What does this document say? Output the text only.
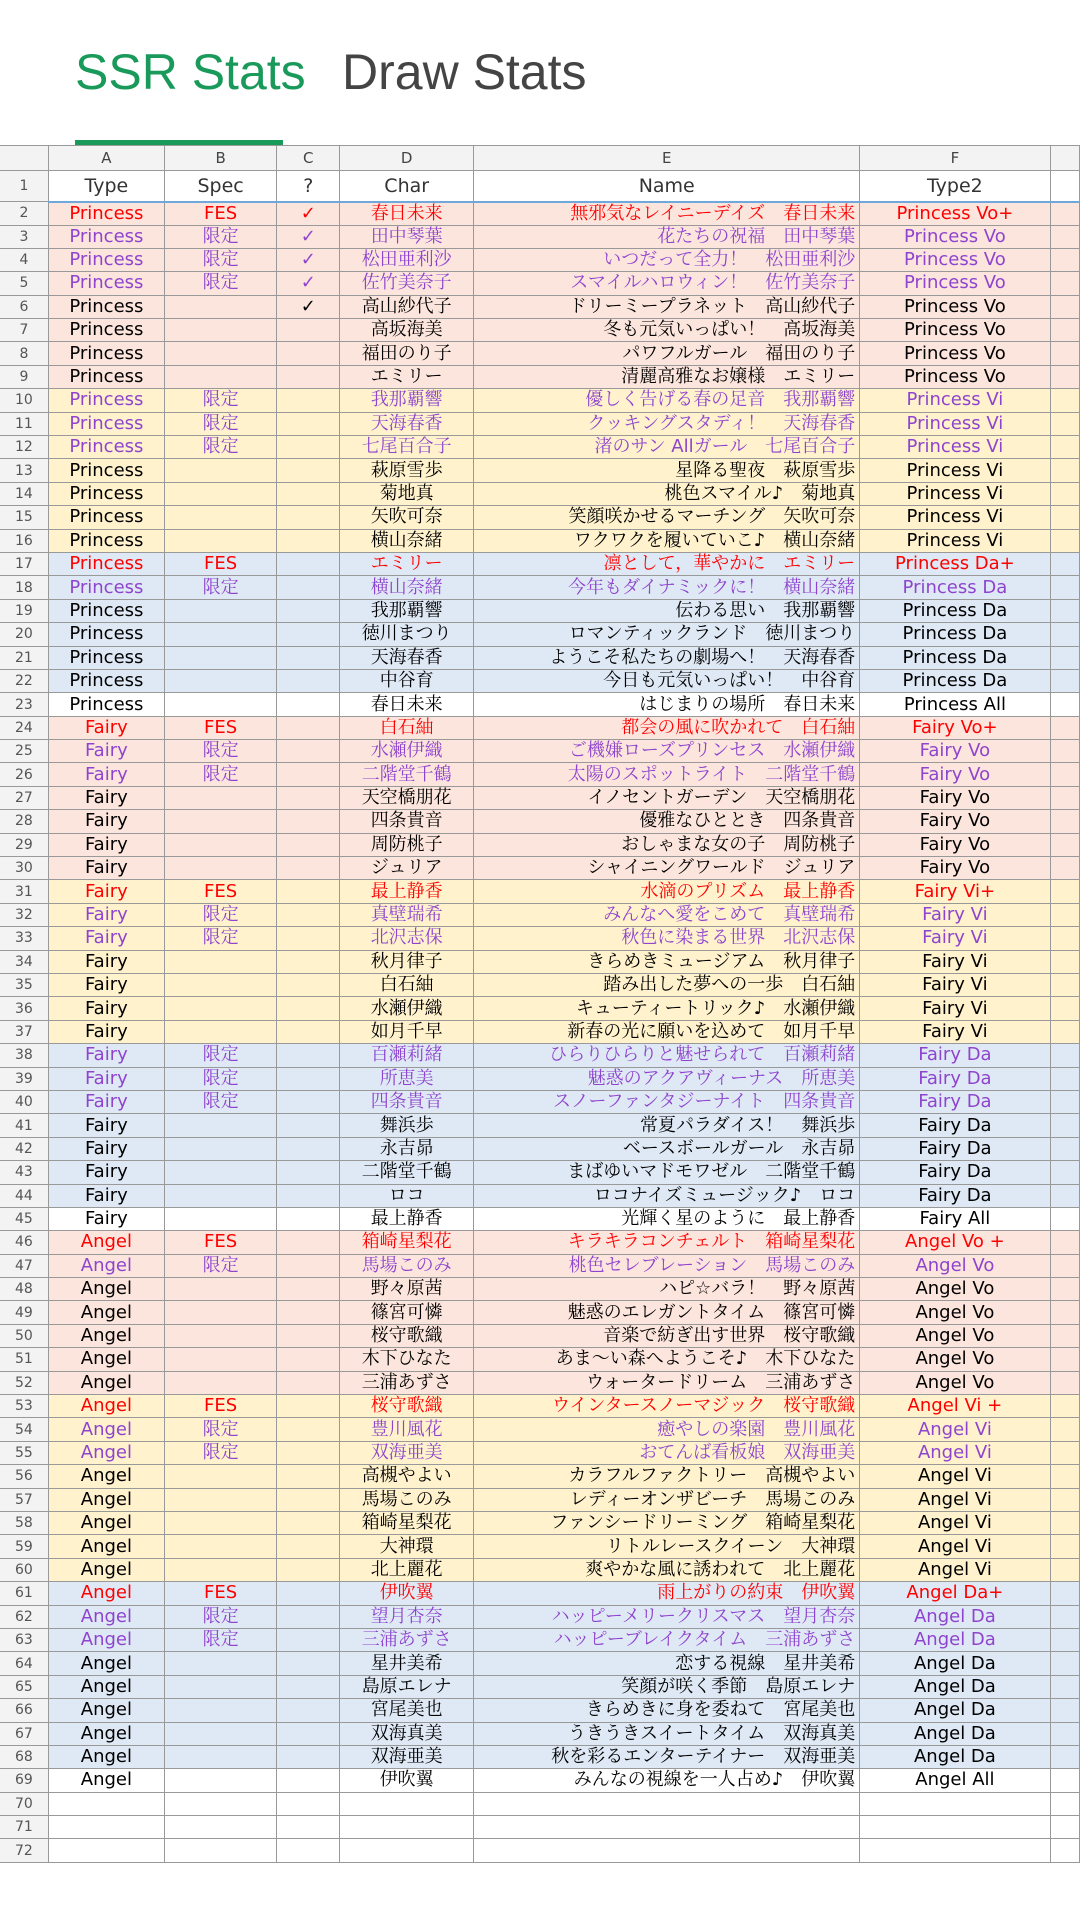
SSR Stats Draw Stats
	A	B	C	D	E	F	
1	Type	Spec	?	Char	Name	Type2	
2	Princess	FES	✓	春日未来	無邪気なレイニーデイズ　春日未来	Princess Vo+	
3	Princess	限定	✓	田中琴葉	花たちの祝福　田中琴葉	Princess Vo	
4	Princess	限定	✓	松田亜利沙	いつだって全力！　松田亜利沙	Princess Vo	
5	Princess	限定	✓	佐竹美奈子	スマイルハロウィン！　佐竹美奈子	Princess Vo	
6	Princess		✓	高山紗代子	ドリーミープラネット　高山紗代子	Princess Vo	
7	Princess			高坂海美	冬も元気いっぱい！　高坂海美	Princess Vo	
8	Princess			福田のり子	パワフルガール　福田のり子	Princess Vo	
9	Princess			エミリー	清麗高雅なお嬢様　エミリー	Princess Vo	
10	Princess	限定		我那覇響	優しく告げる春の足音　我那覇響	Princess Vi	
11	Princess	限定		天海春香	クッキングスタディ！　天海春香	Princess Vi	
12	Princess	限定		七尾百合子	渚のサン Allガール　七尾百合子	Princess Vi	
13	Princess			萩原雪歩	星降る聖夜　萩原雪歩	Princess Vi	
14	Princess			菊地真	桃色スマイル♪　菊地真	Princess Vi	
15	Princess			矢吹可奈	笑顔咲かせるマーチング　矢吹可奈	Princess Vi	
16	Princess			横山奈緒	ワクワクを履いていこ♪　横山奈緒	Princess Vi	
17	Princess	FES		エミリー	凛として，華やかに　エミリー	Princess Da+	
18	Princess	限定		横山奈緒	今年もダイナミックに！　横山奈緒	Princess Da	
19	Princess			我那覇響	伝わる思い　我那覇響	Princess Da	
20	Princess			徳川まつり	ロマンティックランド　徳川まつり	Princess Da	
21	Princess			天海春香	ようこそ私たちの劇場へ！　天海春香	Princess Da	
22	Princess			中谷育	今日も元気いっぱい！　中谷育	Princess Da	
23	Princess			春日未来	はじまりの場所　春日未来	Princess All	
24	Fairy	FES		白石紬	都会の風に吹かれて　白石紬	Fairy Vo+	
25	Fairy	限定		水瀬伊織	ご機嫌ローズプリンセス　水瀬伊織	Fairy Vo	
26	Fairy	限定		二階堂千鶴	太陽のスポットライト　二階堂千鶴	Fairy Vo	
27	Fairy			天空橋朋花	イノセントガーデン　天空橋朋花	Fairy Vo	
28	Fairy			四条貴音	優雅なひととき　四条貴音	Fairy Vo	
29	Fairy			周防桃子	おしゃまな女の子　周防桃子	Fairy Vo	
30	Fairy			ジュリア	シャイニングワールド　ジュリア	Fairy Vo	
31	Fairy	FES		最上静香	水滴のプリズム　最上静香	Fairy Vi+	
32	Fairy	限定		真壁瑞希	みんなへ愛をこめて　真壁瑞希	Fairy Vi	
33	Fairy	限定		北沢志保	秋色に染まる世界　北沢志保	Fairy Vi	
34	Fairy			秋月律子	きらめきミュージアム　秋月律子	Fairy Vi	
35	Fairy			白石紬	踏み出した夢への一歩　白石紬	Fairy Vi	
36	Fairy			水瀬伊織	キューティートリック♪　水瀬伊織	Fairy Vi	
37	Fairy			如月千早	新春の光に願いを込めて　如月千早	Fairy Vi	
38	Fairy	限定		百瀬莉緒	ひらりひらりと魅せられて　百瀬莉緒	Fairy Da	
39	Fairy	限定		所恵美	魅惑のアクアヴィーナス　所恵美	Fairy Da	
40	Fairy	限定		四条貴音	スノーファンタジーナイト　四条貴音	Fairy Da	
41	Fairy			舞浜歩	常夏パラダイス！　舞浜歩	Fairy Da	
42	Fairy			永吉昴	ベースボールガール　永吉昴	Fairy Da	
43	Fairy			二階堂千鶴	まばゆいマドモワゼル　二階堂千鶴	Fairy Da	
44	Fairy			ロコ	ロコナイズミュージック♪　ロコ	Fairy Da	
45	Fairy			最上静香	光輝く星のように　最上静香	Fairy All	
46	Angel	FES		箱崎星梨花	キラキラコンチェルト　箱崎星梨花	Angel Vo +	
47	Angel	限定		馬場このみ	桃色セレブレーション　馬場このみ	Angel Vo	
48	Angel			野々原茜	ハピ☆バラ！　野々原茜	Angel Vo	
49	Angel			篠宮可憐	魅惑のエレガントタイム　篠宮可憐	Angel Vo	
50	Angel			桜守歌織	音楽で紡ぎ出す世界　桜守歌織	Angel Vo	
51	Angel			木下ひなた	あま〜い森へようこそ♪　木下ひなた	Angel Vo	
52	Angel			三浦あずさ	ウォータードリーム　三浦あずさ	Angel Vo	
53	Angel	FES		桜守歌織	ウインタースノーマジック　桜守歌織	Angel Vi +	
54	Angel	限定		豊川風花	癒やしの楽園　豊川風花	Angel Vi	
55	Angel	限定		双海亜美	おてんば看板娘　双海亜美	Angel Vi	
56	Angel			高槻やよい	カラフルファクトリー　高槻やよい	Angel Vi	
57	Angel			馬場このみ	レディーオンザビーチ　馬場このみ	Angel Vi	
58	Angel			箱崎星梨花	ファンシードリーミング　箱崎星梨花	Angel Vi	
59	Angel			大神環	リトルレースクイーン　大神環	Angel Vi	
60	Angel			北上麗花	爽やかな風に誘われて　北上麗花	Angel Vi	
61	Angel	FES		伊吹翼	雨上がりの約束　伊吹翼	Angel Da+	
62	Angel	限定		望月杏奈	ハッピーメリークリスマス　望月杏奈	Angel Da	
63	Angel	限定		三浦あずさ	ハッピーブレイクタイム　三浦あずさ	Angel Da	
64	Angel			星井美希	恋する視線　星井美希	Angel Da	
65	Angel			島原エレナ	笑顔が咲く季節　島原エレナ	Angel Da	
66	Angel			宮尾美也	きらめきに身を委ねて　宮尾美也	Angel Da	
67	Angel			双海真美	うきうきスイートタイム　双海真美	Angel Da	
68	Angel			双海亜美	秋を彩るエンターテイナー　双海亜美	Angel Da	
69	Angel			伊吹翼	みんなの視線を一人占め♪　伊吹翼	Angel All	
70							
71							
72							
